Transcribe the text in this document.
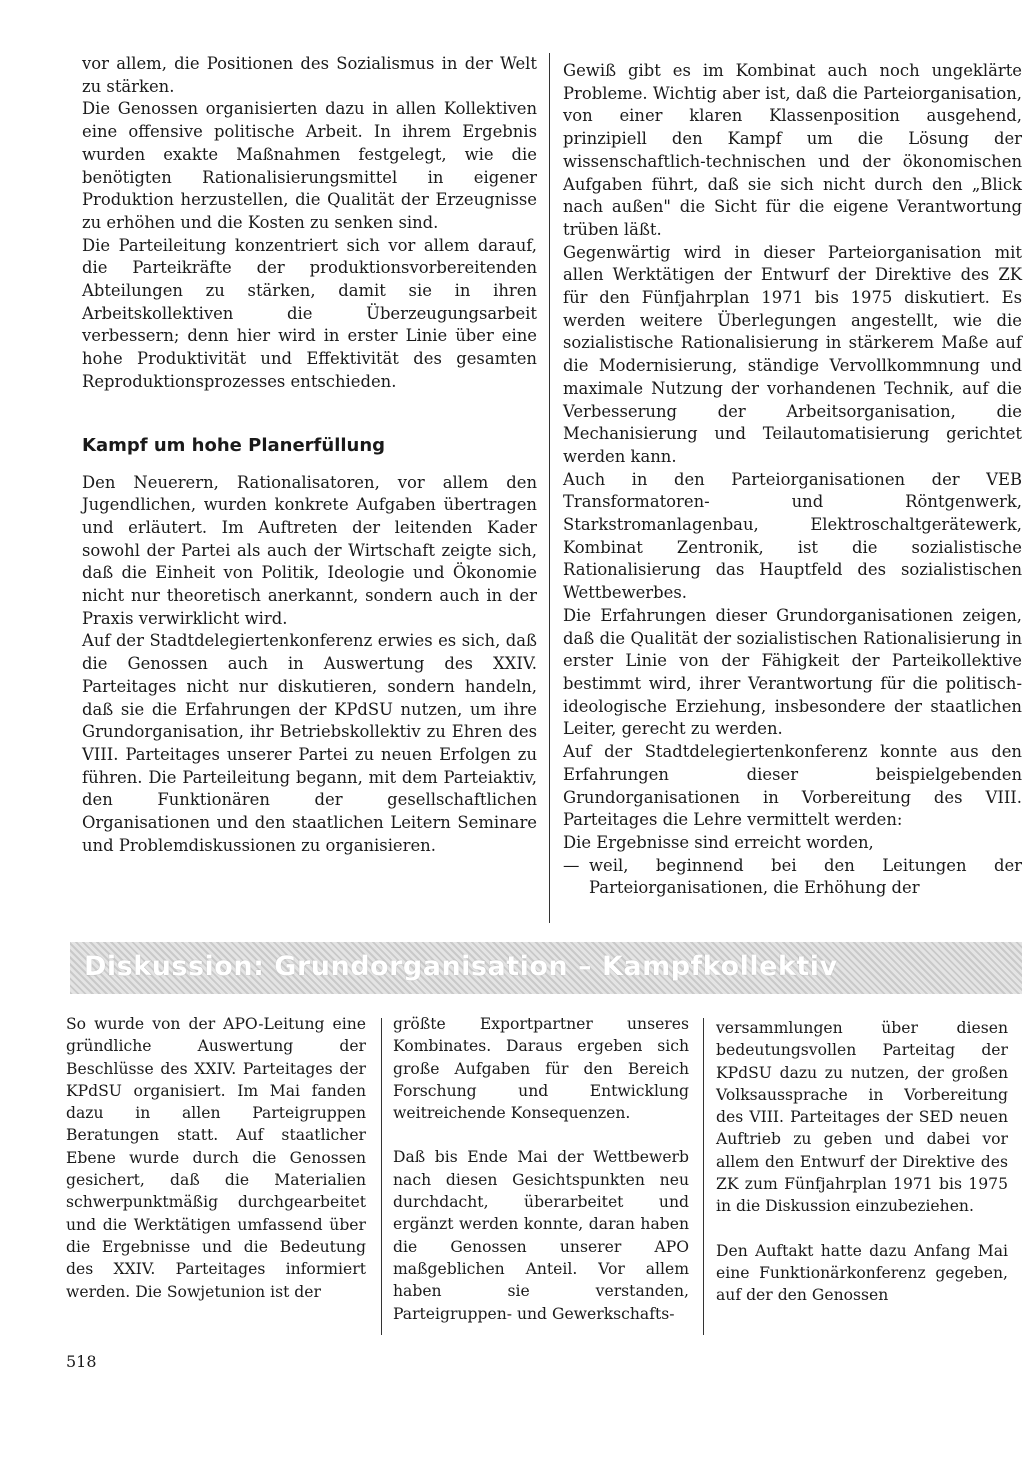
vor allem, die Positionen des Sozialismus in der Welt zu stärken.

Die Genossen organisierten dazu in allen Kollektiven eine offensive politische Arbeit. In ihrem Ergebnis wurden exakte Maßnahmen festgelegt, wie die benötigten Rationalisierungsmittel in eigener Produktion herzustellen, die Qualität der Erzeugnisse zu erhöhen und die Kosten zu senken sind.

Die Parteileitung konzentriert sich vor allem darauf, die Parteikräfte der produktionsvorbereitenden Abteilungen zu stärken, damit sie in ihren Arbeitskollektiven die Überzeugungsarbeit verbessern; denn hier wird in erster Linie über eine hohe Produktivität und Effektivität des gesamten Reproduktionsprozesses entschieden.

Kampf um hohe Planerfüllung

Den Neuerern, Rationalisatoren, vor allem den Jugendlichen, wurden konkrete Aufgaben übertragen und erläutert. Im Auftreten der leitenden Kader sowohl der Partei als auch der Wirtschaft zeigte sich, daß die Einheit von Politik, Ideologie und Ökonomie nicht nur theoretisch anerkannt, sondern auch in der Praxis verwirklicht wird.

Auf der Stadtdelegiertenkonferenz erwies es sich, daß die Genossen auch in Auswertung des XXIV. Parteitages nicht nur diskutieren, sondern handeln, daß sie die Erfahrungen der KPdSU nutzen, um ihre Grundorganisation, ihr Betriebskollektiv zu Ehren des VIII. Parteitages unserer Partei zu neuen Erfolgen zu führen. Die Parteileitung begann, mit dem Parteiaktiv, den Funktionären der gesellschaftlichen Organisationen und den staatlichen Leitern Seminare und Problemdiskussionen zu organisieren.

Gewiß gibt es im Kombinat auch noch ungeklärte Probleme. Wichtig aber ist, daß die Parteiorganisation, von einer klaren Klassenposition ausgehend, prinzipiell den Kampf um die Lösung der wissenschaftlich-technischen und der ökonomischen Aufgaben führt, daß sie sich nicht durch den „Blick nach außen" die Sicht für die eigene Verantwortung trüben läßt.

Gegenwärtig wird in dieser Parteiorganisation mit allen Werktätigen der Entwurf der Direktive des ZK für den Fünfjahrplan 1971 bis 1975 diskutiert. Es werden weitere Überlegungen angestellt, wie die sozialistische Rationalisierung in stärkerem Maße auf die Modernisierung, ständige Vervollkommnung und maximale Nutzung der vorhandenen Technik, auf die Verbesserung der Arbeitsorganisation, die Mechanisierung und Teilautomatisierung gerichtet werden kann.

Auch in den Parteiorganisationen der VEB Transformatoren- und Röntgenwerk, Starkstromanlagenbau, Elektroschaltgerätewerk, Kombinat Zentronik, ist die sozialistische Rationalisierung das Hauptfeld des sozialistischen Wettbewerbes.

Die Erfahrungen dieser Grundorganisationen zeigen, daß die Qualität der sozialistischen Rationalisierung in erster Linie von der Fähigkeit der Parteikollektive bestimmt wird, ihrer Verantwortung für die politisch-ideologische Erziehung, insbesondere der staatlichen Leiter, gerecht zu werden.

Auf der Stadtdelegiertenkonferenz konnte aus den Erfahrungen dieser beispielgebenden Grundorganisationen in Vorbereitung des VIII. Parteitages die Lehre vermittelt werden:

Die Ergebnisse sind erreicht worden,

— weil, beginnend bei den Leitungen der Parteiorganisationen, die Erhöhung der

Diskussion: Grundorganisation – Kampfkollektiv

So wurde von der APO-Leitung eine gründliche Auswertung der Beschlüsse des XXIV. Parteitages der KPdSU organisiert. Im Mai fanden dazu in allen Parteigruppen Beratungen statt. Auf staatlicher Ebene wurde durch die Genossen gesichert, daß die Materialien schwerpunktmäßig durchgearbeitet und die Werktätigen umfassend über die Ergebnisse und die Bedeutung des XXIV. Parteitages informiert werden. Die Sowjetunion ist der

größte Exportpartner unseres Kombinates. Daraus ergeben sich große Aufgaben für den Bereich Forschung und Entwicklung weitreichende Konsequenzen.

Daß bis Ende Mai der Wettbewerb nach diesen Gesichtspunkten neu durchdacht, überarbeitet und ergänzt werden konnte, daran haben die Genossen unserer APO maßgeblichen Anteil. Vor allem haben sie verstanden, Parteigruppen- und Gewerkschafts-

versammlungen über diesen bedeutungsvollen Parteitag der KPdSU dazu zu nutzen, der großen Volksaussprache in Vorbereitung des VIII. Parteitages der SED neuen Auftrieb zu geben und dabei vor allem den Entwurf der Direktive des ZK zum Fünfjahrplan 1971 bis 1975 in die Diskussion einzubeziehen.

Den Auftakt hatte dazu Anfang Mai eine Funktionärkonferenz gegeben, auf der den Genossen

518
